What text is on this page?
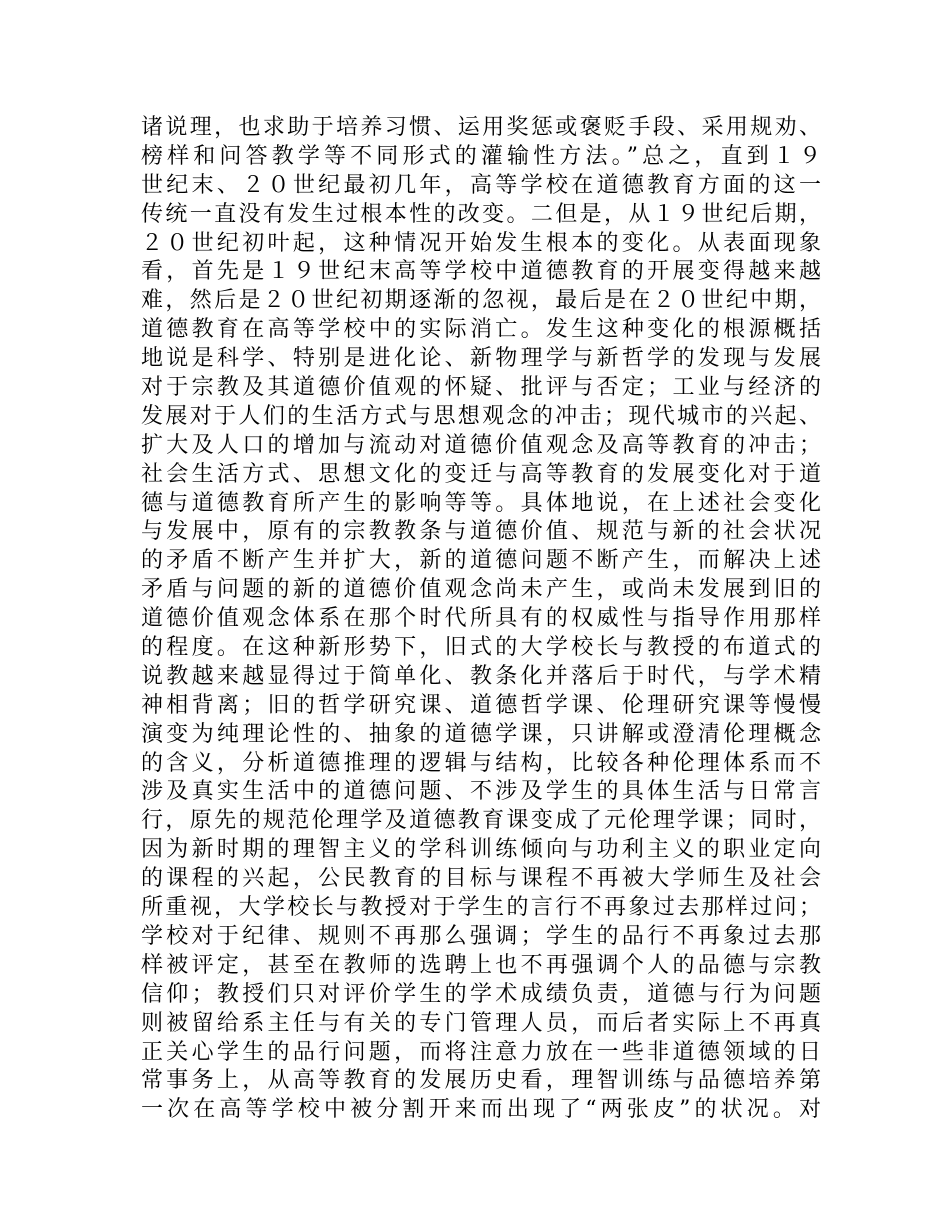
诸说理，也求助于培养习惯、运用奖惩或褒贬手段、采用规劝、
榜样和问答教学等不同形式的灌输性方法。”总之，直到１９
世纪末、２０世纪最初几年，高等学校在道德教育方面的这一
传统一直没有发生过根本性的改变。二但是，从１９世纪后期，
２０世纪初叶起，这种情况开始发生根本的变化。从表面现象
看，首先是１９世纪末高等学校中道德教育的开展变得越来越
难，然后是２０世纪初期逐渐的忽视，最后是在２０世纪中期，
道德教育在高等学校中的实际消亡。发生这种变化的根源概括
地说是科学、特别是进化论、新物理学与新哲学的发现与发展
对于宗教及其道德价值观的怀疑、批评与否定；工业与经济的
发展对于人们的生活方式与思想观念的冲击；现代城市的兴起、
扩大及人口的增加与流动对道德价值观念及高等教育的冲击；
社会生活方式、思想文化的变迁与高等教育的发展变化对于道
德与道德教育所产生的影响等等。具体地说，在上述社会变化
与发展中，原有的宗教教条与道德价值、规范与新的社会状况
的矛盾不断产生并扩大，新的道德问题不断产生，而解决上述
矛盾与问题的新的道德价值观念尚未产生，或尚未发展到旧的
道德价值观念体系在那个时代所具有的权威性与指导作用那样
的程度。在这种新形势下，旧式的大学校长与教授的布道式的
说教越来越显得过于简单化、教条化并落后于时代，与学术精
神相背离；旧的哲学研究课、道德哲学课、伦理研究课等慢慢
演变为纯理论性的、抽象的道德学课，只讲解或澄清伦理概念
的含义，分析道德推理的逻辑与结构，比较各种伦理体系而不
涉及真实生活中的道德问题、不涉及学生的具体生活与日常言
行，原先的规范伦理学及道德教育课变成了元伦理学课；同时，
因为新时期的理智主义的学科训练倾向与功利主义的职业定向
的课程的兴起，公民教育的目标与课程不再被大学师生及社会
所重视，大学校长与教授对于学生的言行不再象过去那样过问；
学校对于纪律、规则不再那么强调；学生的品行不再象过去那
样被评定，甚至在教师的选聘上也不再强调个人的品德与宗教
信仰；教授们只对评价学生的学术成绩负责，道德与行为问题
则被留给系主任与有关的专门管理人员，而后者实际上不再真
正关心学生的品行问题，而将注意力放在一些非道德领域的日
常事务上，从高等教育的发展历史看，理智训练与品德培养第
一次在高等学校中被分割开来而出现了“两张皮”的状况。对
